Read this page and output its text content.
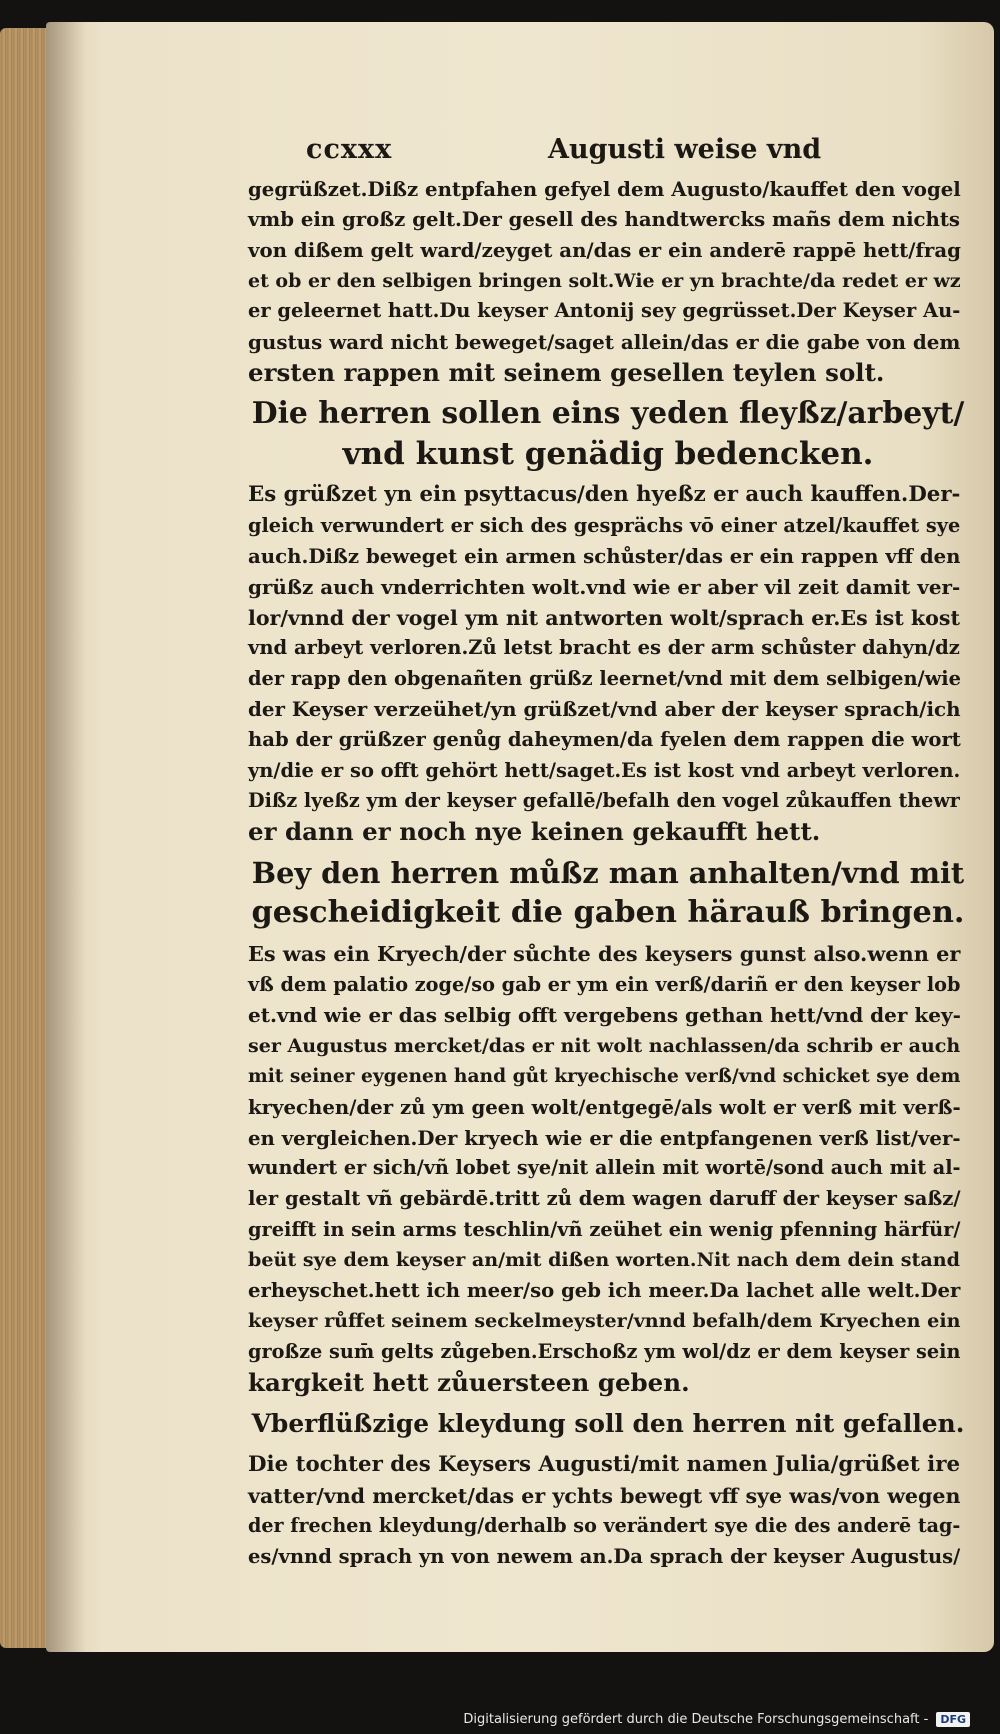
ccxxx	Augusti weise vnd
gegrüßzet.Dißz entpfahen gefyel dem Augusto/kauffet den vogel
vmb ein großz gelt.Der gesell des handtwercks mañs dem nichts
von dißem gelt ward/zeyget an/das er ein anderē rappē hett/frag
et ob er den selbigen bringen solt.Wie er yn brachte/da redet er wz
er geleernet hatt.Du keyser Antonij sey gegrüsset.Der Keyser Au-
gustus ward nicht beweget/saget allein/das er die gabe von dem
ersten rappen mit seinem gesellen teylen solt.
Die herren sollen eins yeden fleyßz/arbeyt/
vnd kunst genädig bedencken.
Es grüßzet yn ein psyttacus/den hyeßz er auch kauffen.Der-
gleich verwundert er sich des gesprächs vō einer atzel/kauffet sye
auch.Dißz beweget ein armen schůster/das er ein rappen vff den
grüßz auch vnderrichten wolt.vnd wie er aber vil zeit damit ver-
lor/vnnd der vogel ym nit antworten wolt/sprach er.Es ist kost
vnd arbeyt verloren.Zů letst bracht es der arm schůster dahyn/dz
der rapp den obgenañten grüßz leernet/vnd mit dem selbigen/wie
der Keyser verzeühet/yn grüßzet/vnd aber der keyser sprach/ich
hab der grüßzer genůg daheymen/da fyelen dem rappen die wort
yn/die er so offt gehört hett/saget.Es ist kost vnd arbeyt verloren.
Dißz lyeßz ym der keyser gefallē/befalh den vogel zůkauffen thewr
er dann er noch nye keinen gekaufft hett.
Bey den herren můßz man anhalten/vnd mit
gescheidigkeit die gaben härauß bringen.
Es was ein Kryech/der sůchte des keysers gunst also.wenn er
vß dem palatio zoge/so gab er ym ein verß/dariñ er den keyser lob
et.vnd wie er das selbig offt vergebens gethan hett/vnd der key-
ser Augustus mercket/das er nit wolt nachlassen/da schrib er auch
mit seiner eygenen hand gůt kryechische verß/vnd schicket sye dem
kryechen/der zů ym geen wolt/entgegē/als wolt er verß mit verß-
en vergleichen.Der kryech wie er die entpfangenen verß list/ver-
wundert er sich/vñ lobet sye/nit allein mit wortē/sond auch mit al-
ler gestalt vñ gebärdē.tritt zů dem wagen daruff der keyser saßz/
greifft in sein arms teschlin/vñ zeühet ein wenig pfenning härfür/
beüt sye dem keyser an/mit dißen worten.Nit nach dem dein stand
erheyschet.hett ich meer/so geb ich meer.Da lachet alle welt.Der
keyser růffet seinem seckelmeyster/vnnd befalh/dem Kryechen ein
großze sum̄ gelts zůgeben.Erschoßz ym wol/dz er dem keyser sein
kargkeit hett zůuersteen geben.
Vberflüßzige kleydung soll den herren nit gefallen.
Die tochter des Keysers Augusti/mit namen Julia/grüßet ire
vatter/vnd mercket/das er ychts bewegt vff sye was/von wegen
der frechen kleydung/derhalb so verändert sye die des anderē tag-
es/vnnd sprach yn von newem an.Da sprach der keyser Augustus/
Digitalisierung gefördert durch die Deutsche Forschungsgemeinschaft -	DFG
